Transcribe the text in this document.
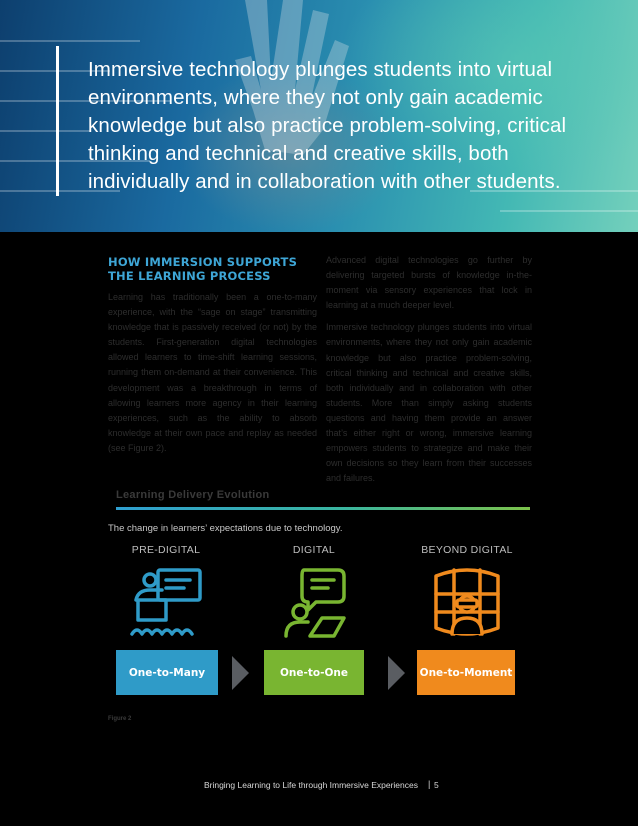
Immersive technology plunges students into virtual environments, where they not only gain academic knowledge but also practice problem-solving, critical thinking and technical and creative skills, both individually and in collaboration with other students.

HOW IMMERSION SUPPORTS THE LEARNING PROCESS

Learning has traditionally been a one-to-many experience, with the “sage on stage” transmitting knowledge that is passively received (or not) by the students. First-generation digital technologies allowed learners to time-shift learning sessions, running them on-demand at their convenience. This development was a breakthrough in terms of allowing learners more agency in their learning experiences, such as the ability to absorb knowledge at their own pace and replay as needed (see Figure 2).

Advanced digital technologies go further by delivering targeted bursts of knowledge in-the-moment via sensory experiences that lock in learning at a much deeper level.

Immersive technology plunges students into virtual environments, where they not only gain academic knowledge but also practice problem-solving, critical thinking and technical and creative skills, both individually and in collaboration with other students. More than simply asking students questions and having them provide an answer that’s either right or wrong, immersive learning empowers students to strategize and make their own decisions so they learn from their successes and failures.

Learning Delivery Evolution
The change in learners’ expectations due to technology.
PRE-DIGITAL	DIGITAL	BEYOND DIGITAL
One-to-Many	One-to-One	One-to-Moment
Figure 2
Bringing Learning to Life through Immersive Experiences | 5
